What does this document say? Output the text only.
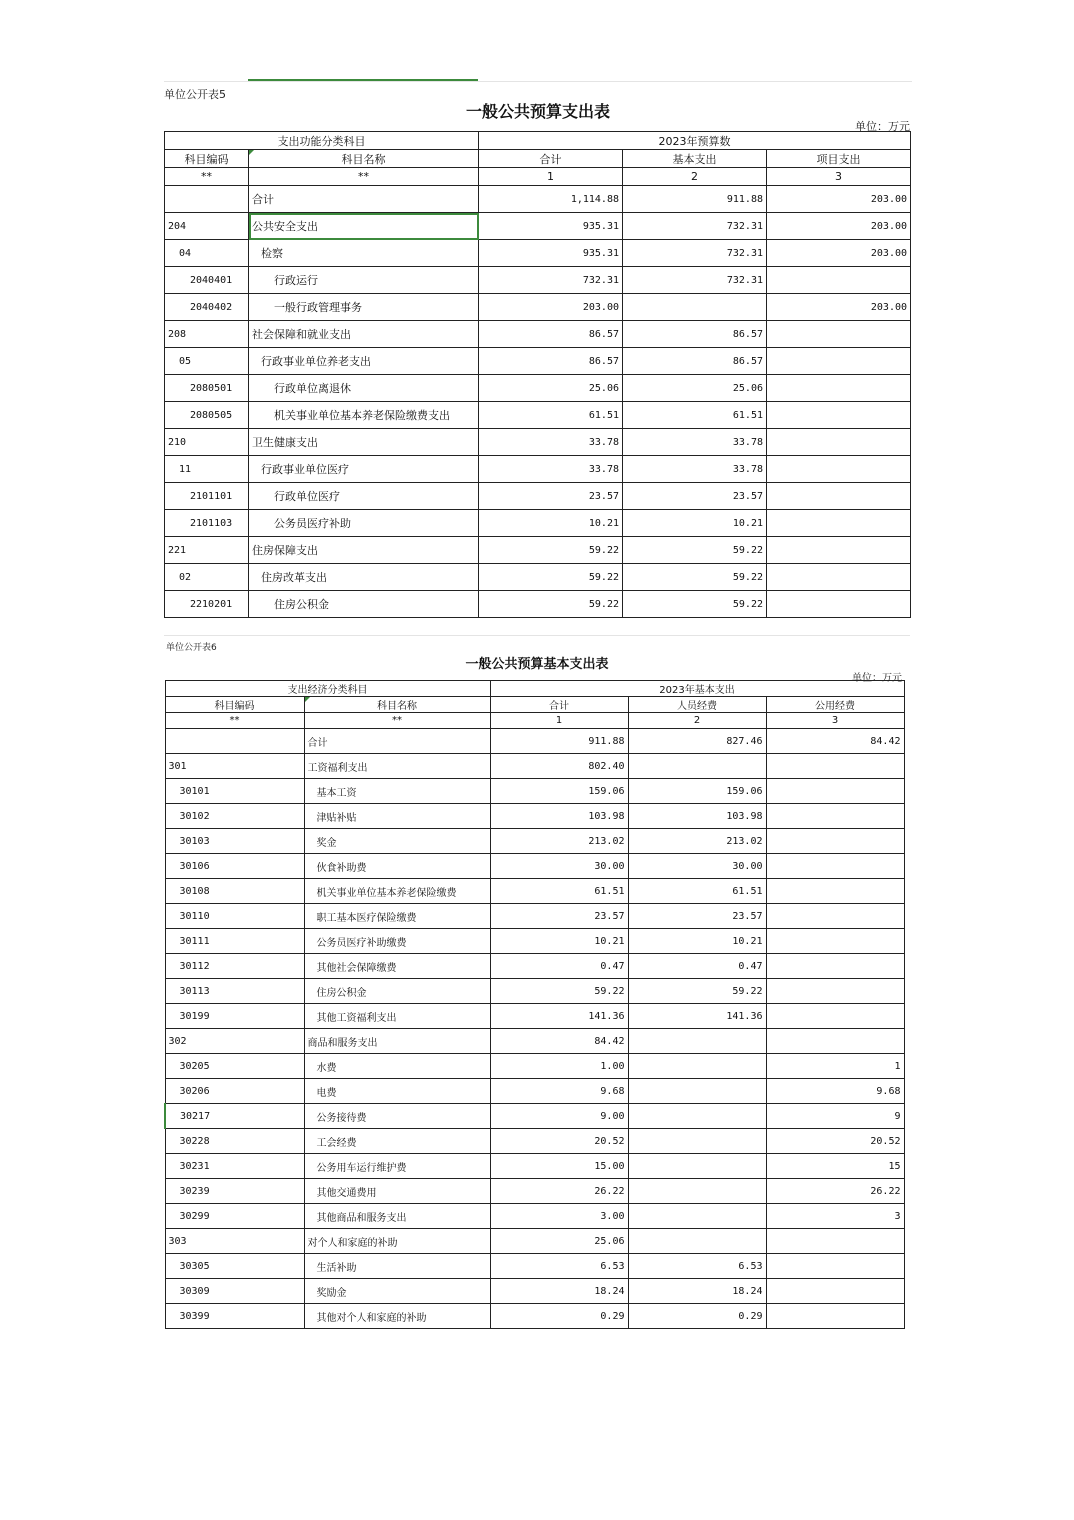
单位公开表5
一般公共预算支出表
单位：万元
支出功能分类科目		2023年预算数		
科目编码	科目名称	合计	基本支出	项目支出
**	**	1	2	3
	合计	1,114.88	911.88	203.00
204	公共安全支出	935.31	732.31	203.00
04	检察	935.31	732.31	203.00
2040401	行政运行	732.31	732.31	
2040402	一般行政管理事务	203.00		203.00
208	社会保障和就业支出	86.57	86.57	
05	行政事业单位养老支出	86.57	86.57	
2080501	行政单位离退休	25.06	25.06	
2080505	机关事业单位基本养老保险缴费支出	61.51	61.51	
210	卫生健康支出	33.78	33.78	
11	行政事业单位医疗	33.78	33.78	
2101101	行政单位医疗	23.57	23.57	
2101103	公务员医疗补助	10.21	10.21	
221	住房保障支出	59.22	59.22	
02	住房改革支出	59.22	59.22	
2210201	住房公积金	59.22	59.22	
单位公开表6
一般公共预算基本支出表
单位：万元
支出经济分类科目		2023年基本支出		
科目编码	科目名称	合计	人员经费	公用经费
**	**	1	2	3
	合计	911.88	827.46	84.42
301	工资福利支出	802.40		
30101	基本工资	159.06	159.06	
30102	津贴补贴	103.98	103.98	
30103	奖金	213.02	213.02	
30106	伙食补助费	30.00	30.00	
30108	机关事业单位基本养老保险缴费	61.51	61.51	
30110	职工基本医疗保险缴费	23.57	23.57	
30111	公务员医疗补助缴费	10.21	10.21	
30112	其他社会保障缴费	0.47	0.47	
30113	住房公积金	59.22	59.22	
30199	其他工资福利支出	141.36	141.36	
302	商品和服务支出	84.42		
30205	水费	1.00		1
30206	电费	9.68		9.68
30217	公务接待费	9.00		9
30228	工会经费	20.52		20.52
30231	公务用车运行维护费	15.00		15
30239	其他交通费用	26.22		26.22
30299	其他商品和服务支出	3.00		3
303	对个人和家庭的补助	25.06		
30305	生活补助	6.53	6.53	
30309	奖励金	18.24	18.24	
30399	其他对个人和家庭的补助	0.29	0.29	
